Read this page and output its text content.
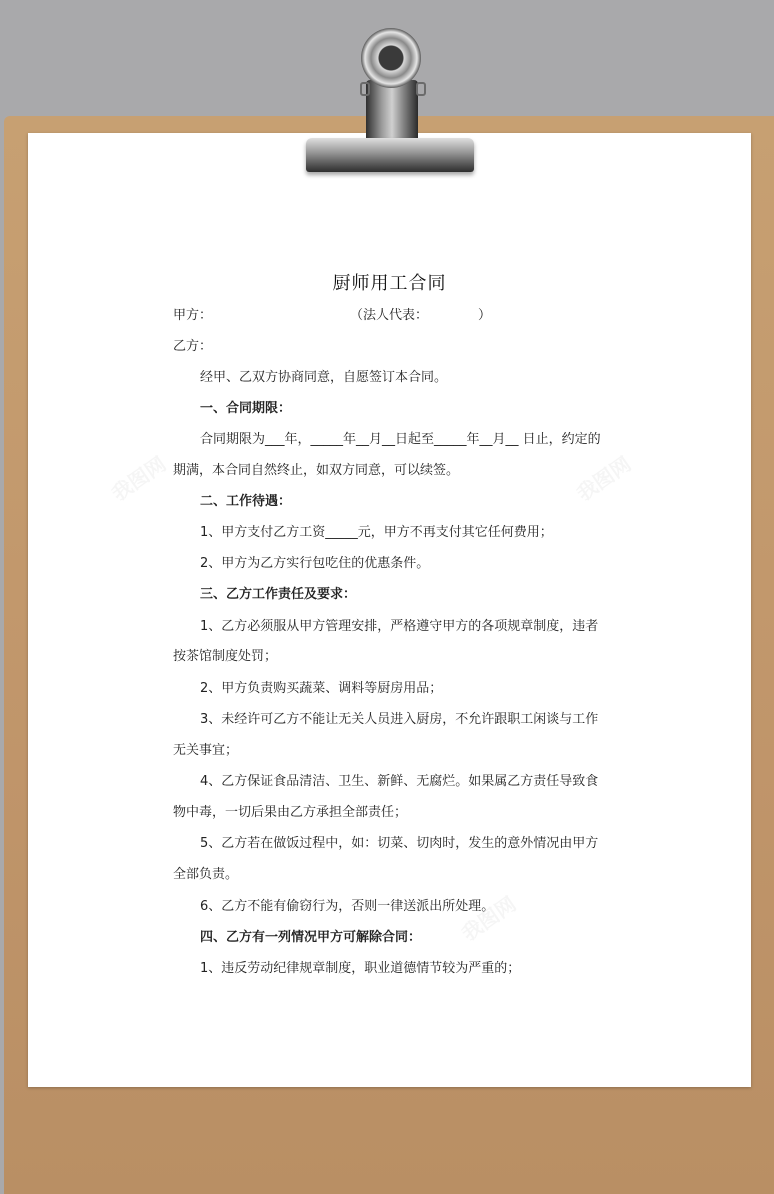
厨师用工合同
甲方：	（法人代表：	）
乙方：
经甲、乙双方协商同意，自愿签订本合同。
一、合同期限：
合同期限为___年，_____年__月__日起至_____年__月__ 日止，约定的
期满，本合同自然终止，如双方同意，可以续签。
二、工作待遇：
1、甲方支付乙方工资_____元，甲方不再支付其它任何费用；
2、甲方为乙方实行包吃住的优惠条件。
三、乙方工作责任及要求：
1、乙方必须服从甲方管理安排，严格遵守甲方的各项规章制度，违者
按茶馆制度处罚；
2、甲方负责购买蔬菜、调料等厨房用品；
3、未经许可乙方不能让无关人员进入厨房，不允许跟职工闲谈与工作
无关事宜；
4、乙方保证食品清洁、卫生、新鲜、无腐烂。如果属乙方责任导致食
物中毒，一切后果由乙方承担全部责任；
5、乙方若在做饭过程中，如：切菜、切肉时，发生的意外情况由甲方
全部负责。
6、乙方不能有偷窃行为，否则一律送派出所处理。
四、乙方有一列情况甲方可解除合同：
1、违反劳动纪律规章制度，职业道德情节较为严重的；
我图网	我图网
我图网
